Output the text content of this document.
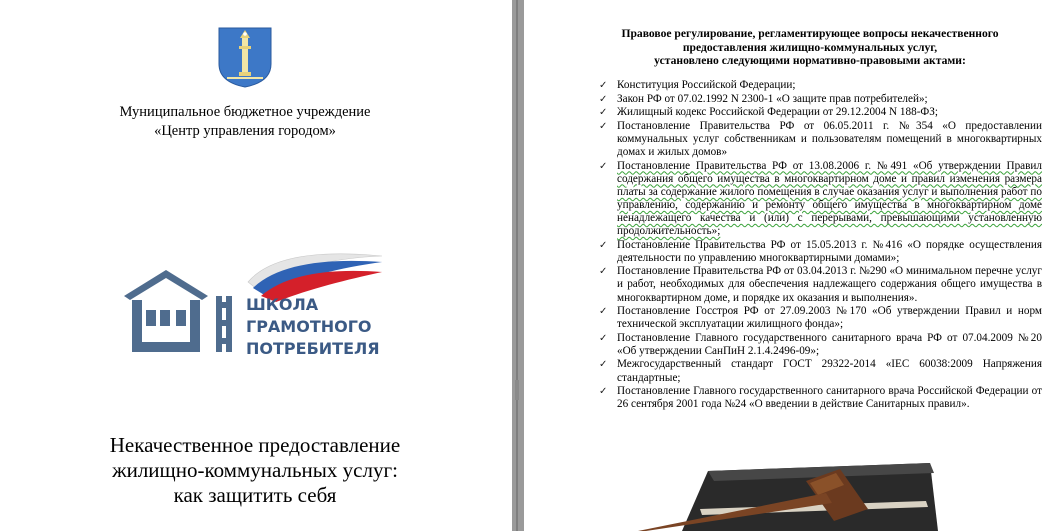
Муниципальное бюджетное учреждение
«Центр управления городом»
ШКОЛА
ГРАМОТНОГО
ПОТРЕБИТЕЛЯ
Некачественное предоставление
жилищно-коммунальных услуг:
как защитить себя
Правовое регулирование, регламентирующее вопросы некачественного
предоставления жилищно-коммунальных услуг,
установлено следующими нормативно-правовыми актами:
✓ Конституция Российской Федерации;
✓ Закон РФ от 07.02.1992 N 2300-1 «О защите прав потребителей»;
✓ Жилищный кодекс Российской Федерации от 29.12.2004 N 188-ФЗ;
✓ Постановление Правительства РФ от 06.05.2011 г. №354 «О предоставлении коммунальных услуг собственникам и пользователям помещений в многоквартирных домах и жилых домов»
✓ Постановление Правительства РФ от 13.08.2006 г. №491 «Об утверждении Правил содержания общего имущества в многоквартирном доме и правил изменения размера платы за содержание жилого помещения в случае оказания услуг и выполнения работ по управлению, содержанию и ремонту общего имущества в многоквартирном доме ненадлежащего качества и (или) с перерывами, превышающими установленную продолжительность»;
✓ Постановление Правительства РФ от 15.05.2013 г. №416 «О порядке осуществления деятельности по управлению многоквартирными домами»;
✓ Постановление Правительства РФ от 03.04.2013 г. №290 «О минимальном перечне услуг и работ, необходимых для обеспечения надлежащего содержания общего имущества в многоквартирном доме, и порядке их оказания и выполнения».
✓ Постановление Госстроя РФ от 27.09.2003 №170 «Об утверждении Правил и норм технической эксплуатации жилищного фонда»;
✓ Постановление Главного государственного санитарного врача РФ от 07.04.2009 №20 «Об утверждении СанПиН 2.1.4.2496-09»;
✓ Межгосударственный стандарт ГОСТ 29322-2014 «IEC 60038:2009 Напряжения стандартные;
✓ Постановление Главного государственного санитарного врача Российской Федерации от 26 сентября 2001 года №24 «О введении в действие Санитарных правил».
